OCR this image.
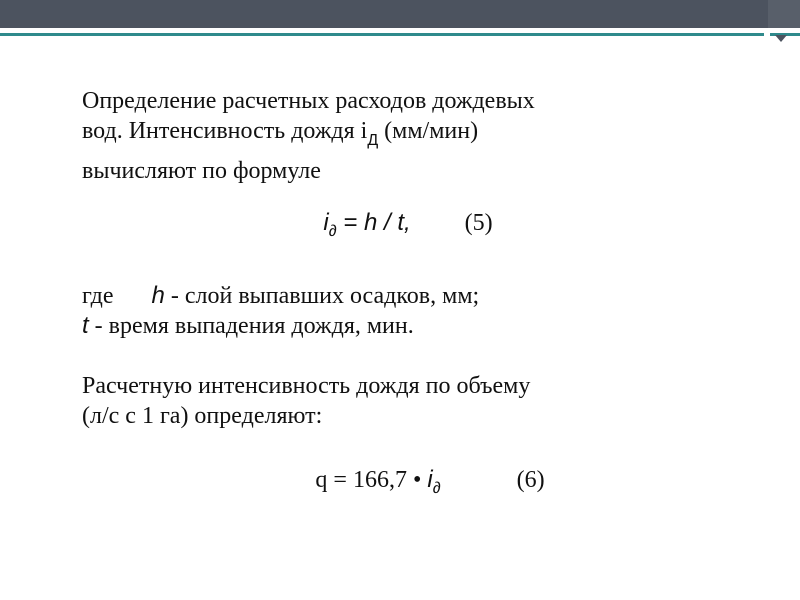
Определение расчетных расходов дождевых
вод. Интенсивность дождя $i_Д$ (мм/мин)
вычисляют по формуле

$i_\partial = h / t$, (5)

где h - слой выпавших осадков, мм;
t - время выпадения дождя, мин.

Расчетную интенсивность дождя по объему
(л/с с 1 га) определяют:

q = 166,7 • $i_\partial$	(6)
